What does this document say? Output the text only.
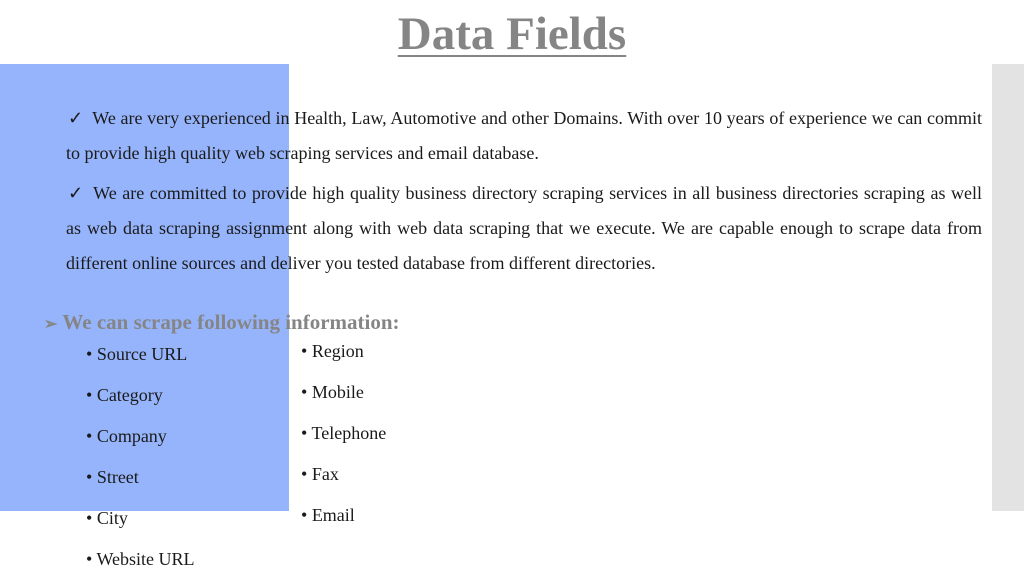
Data Fields

✓ We are very experienced in Health, Law, Automotive and other Domains. With over 10 years of experience we can commit to provide high quality web scraping services and email database.

✓ We are committed to provide high quality business directory scraping services in all business directories scraping as well as web data scraping assignment along with web data scraping that we execute. We are capable enough to scrape data from different online sources and deliver you tested database from different directories.

➢ We can scrape following information:
• Source URL
• Category
• Company
• Street
• City
• Website URL
• Region
• Mobile
• Telephone
• Fax
• Email
